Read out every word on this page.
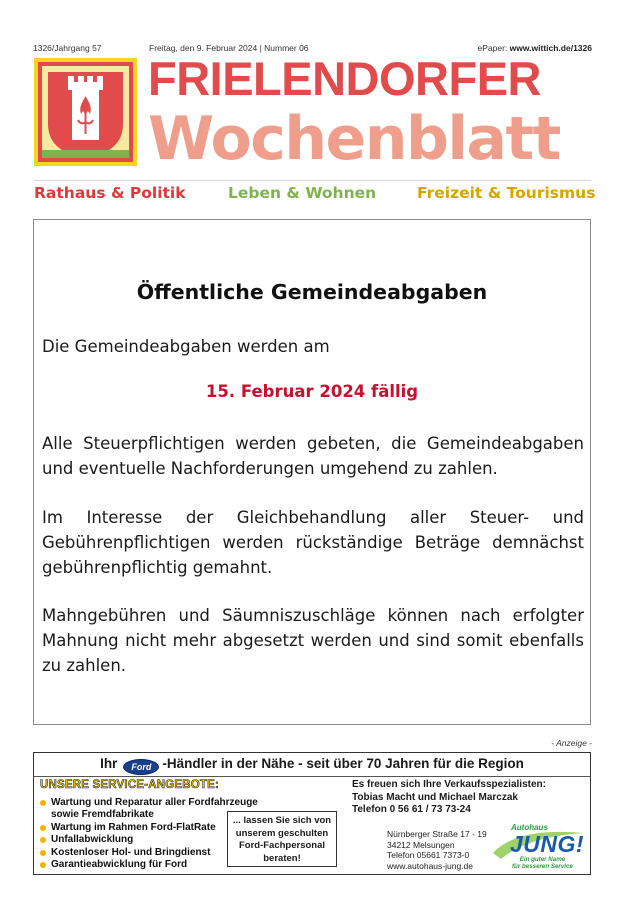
1326/Jahrgang 57	Freitag, den 9. Februar 2024 | Nummer 06	ePaper: www.wittich.de/1326
FRIELENDORFER
Wochenblatt
Rathaus & Politik	Leben & Wohnen	Freizeit & Tourismus
Öffentliche Gemeindeabgaben
Die Gemeindeabgaben werden am
15. Februar 2024 fällig
Alle Steuerpflichtigen werden gebeten, die Gemeindeabgaben und eventuelle Nachforderungen umgehend zu zahlen.
Im Interesse der Gleichbehandlung aller Steuer- und Gebührenpflichtigen werden rückständige Beträge demnächst gebührenpflichtig gemahnt.
Mahngebühren und Säumniszuschläge können nach erfolgter Mahnung nicht mehr abgesetzt werden und sind somit ebenfalls zu zahlen.
- Anzeige -
Ihr Ford -Händler in der Nähe - seit über 70 Jahren für die Region
UNSERE SERVICE-ANGEBOTE:
Wartung und Reparatur aller Fordfahrzeuge
sowie Fremdfabrikate
Wartung im Rahmen Ford-FlatRate
Unfallabwicklung
Kostenloser Hol- und Bringdienst
Garantieabwicklung für Ford
... lassen Sie sich von
unserem geschulten
Ford-Fachpersonal
beraten!
Es freuen sich Ihre Verkaufsspezialisten:
Tobias Macht und Michael Marczak
Telefon 0 56 61 / 73 73-24
Nürnberger Straße 17 - 19
34212 Melsungen
Telefon 05661 7373-0
www.autohaus-jung.de
Autohaus
JUNG!
Ein guter Name
für besseren Service
